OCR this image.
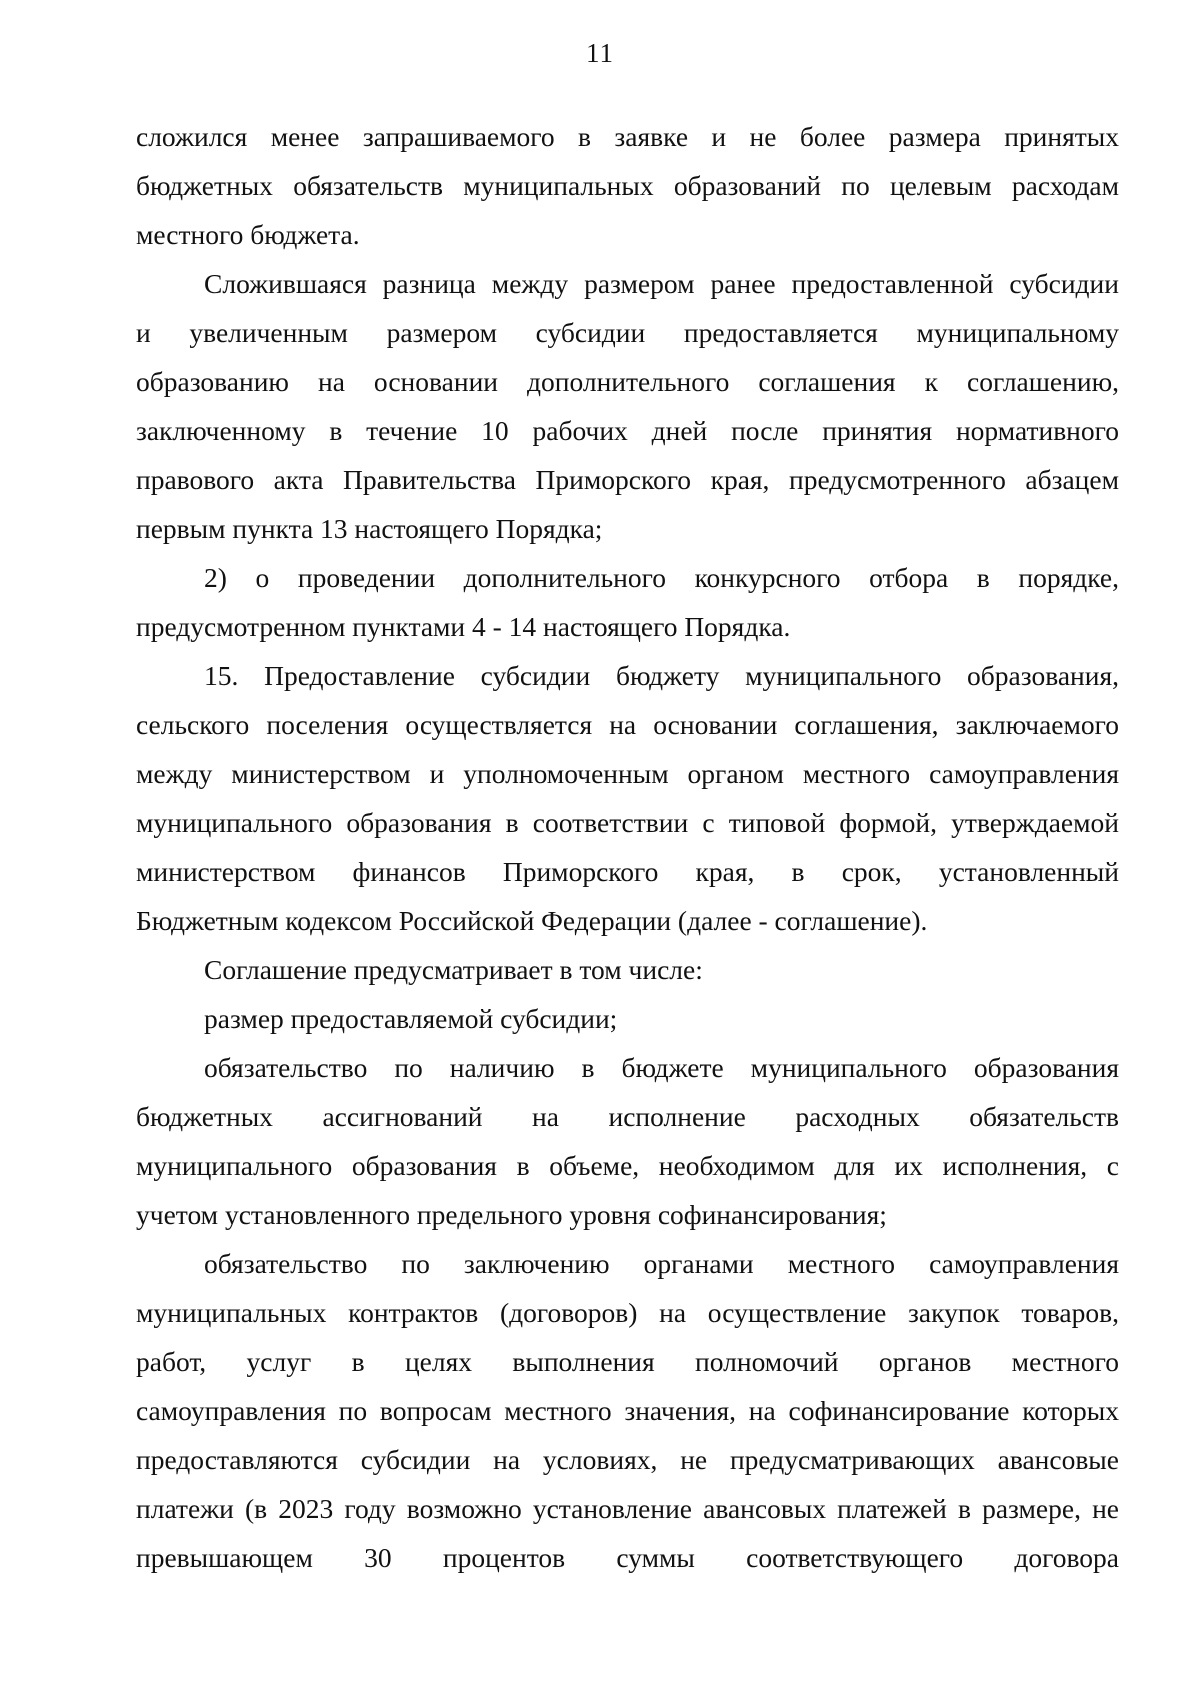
11
сложился менее запрашиваемого в заявке и не более размера принятых
бюджетных обязательств муниципальных образований по целевым расходам
местного бюджета.
Сложившаяся разница между размером ранее предоставленной субсидии
и увеличенным размером субсидии предоставляется муниципальному
образованию на основании дополнительного соглашения к соглашению,
заключенному в течение 10 рабочих дней после принятия нормативного
правового акта Правительства Приморского края, предусмотренного абзацем
первым пункта 13 настоящего Порядка;
2) о проведении дополнительного конкурсного отбора в порядке,
предусмотренном пунктами 4 - 14 настоящего Порядка.
15. Предоставление субсидии бюджету муниципального образования,
сельского поселения осуществляется на основании соглашения, заключаемого
между министерством и уполномоченным органом местного самоуправления
муниципального образования в соответствии с типовой формой, утверждаемой
министерством финансов Приморского края, в срок, установленный
Бюджетным кодексом Российской Федерации (далее - соглашение).
Соглашение предусматривает в том числе:
размер предоставляемой субсидии;
обязательство по наличию в бюджете муниципального образования
бюджетных ассигнований на исполнение расходных обязательств
муниципального образования в объеме, необходимом для их исполнения, с
учетом установленного предельного уровня софинансирования;
обязательство по заключению органами местного самоуправления
муниципальных контрактов (договоров) на осуществление закупок товаров,
работ, услуг в целях выполнения полномочий органов местного
самоуправления по вопросам местного значения, на софинансирование которых
предоставляются субсидии на условиях, не предусматривающих авансовые
платежи (в 2023 году возможно установление авансовых платежей в размере, не
превышающем 30 процентов суммы соответствующего договора
